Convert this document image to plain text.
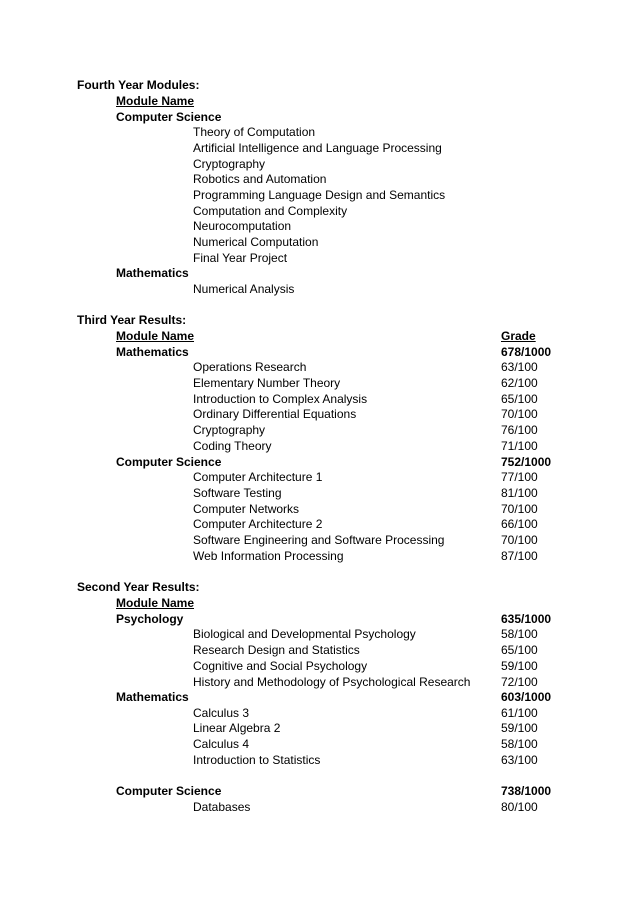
Fourth Year Modules:
Module Name
Computer Science
Theory of Computation
Artificial Intelligence and Language Processing
Cryptography
Robotics and Automation
Programming Language Design and Semantics
Computation and Complexity
Neurocomputation
Numerical Computation
Final Year Project
Mathematics
Numerical Analysis
Third Year Results:
Module Name	Grade
Mathematics	678/1000
Operations Research	63/100
Elementary Number Theory	62/100
Introduction to Complex Analysis	65/100
Ordinary Differential Equations	70/100
Cryptography	76/100
Coding Theory	71/100
Computer Science	752/1000
Computer Architecture 1	77/100
Software Testing	81/100
Computer Networks	70/100
Computer Architecture 2	66/100
Software Engineering and Software Processing	70/100
Web Information Processing	87/100
Second Year Results:
Module Name
Psychology	635/1000
Biological and Developmental Psychology	58/100
Research Design and Statistics	65/100
Cognitive and Social Psychology	59/100
History and Methodology of Psychological Research	72/100
Mathematics	603/1000
Calculus 3	61/100
Linear Algebra 2	59/100
Calculus 4	58/100
Introduction to Statistics	63/100
Computer Science	738/1000
Databases	80/100
